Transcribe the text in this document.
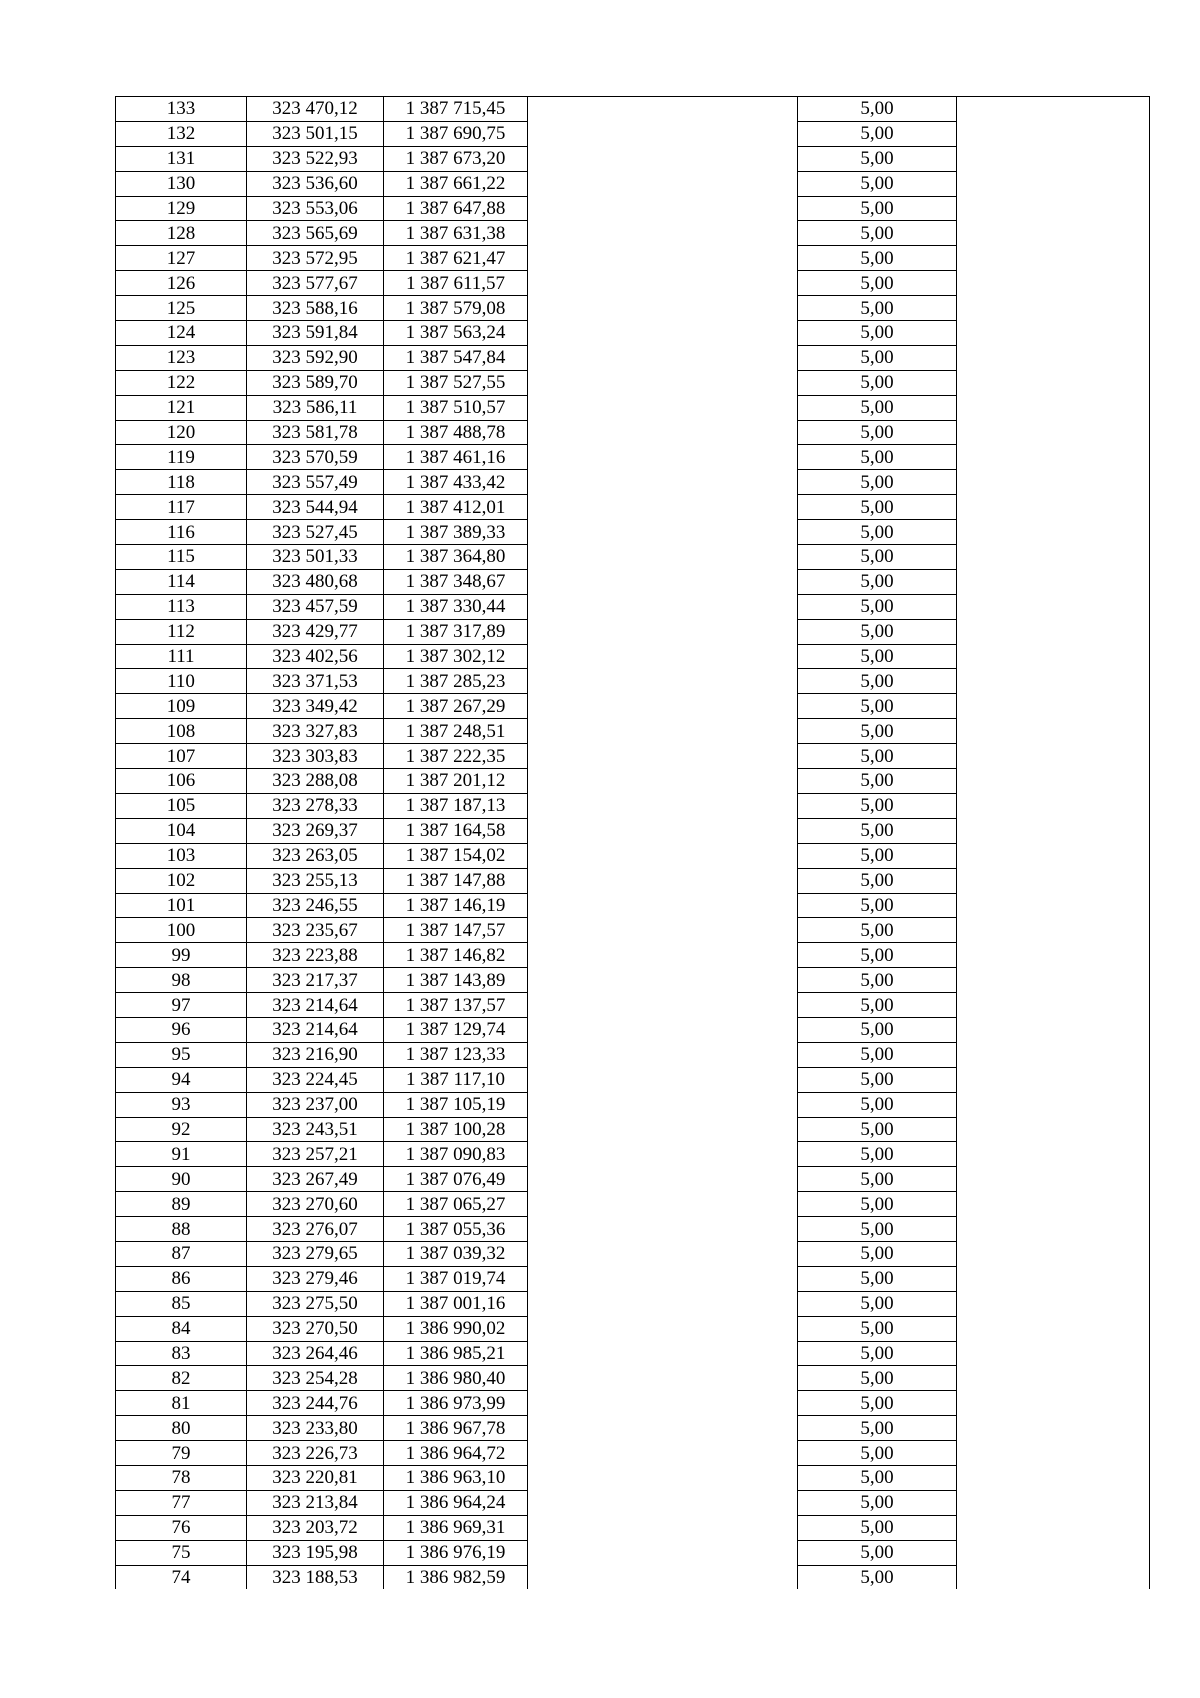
133	323 470,12	1 387 715,45		5,00	
132	323 501,15	1 387 690,75		5,00	
131	323 522,93	1 387 673,20		5,00	
130	323 536,60	1 387 661,22		5,00	
129	323 553,06	1 387 647,88		5,00	
128	323 565,69	1 387 631,38		5,00	
127	323 572,95	1 387 621,47		5,00	
126	323 577,67	1 387 611,57		5,00	
125	323 588,16	1 387 579,08		5,00	
124	323 591,84	1 387 563,24		5,00	
123	323 592,90	1 387 547,84		5,00	
122	323 589,70	1 387 527,55		5,00	
121	323 586,11	1 387 510,57		5,00	
120	323 581,78	1 387 488,78		5,00	
119	323 570,59	1 387 461,16		5,00	
118	323 557,49	1 387 433,42		5,00	
117	323 544,94	1 387 412,01		5,00	
116	323 527,45	1 387 389,33		5,00	
115	323 501,33	1 387 364,80		5,00	
114	323 480,68	1 387 348,67		5,00	
113	323 457,59	1 387 330,44		5,00	
112	323 429,77	1 387 317,89		5,00	
111	323 402,56	1 387 302,12		5,00	
110	323 371,53	1 387 285,23		5,00	
109	323 349,42	1 387 267,29		5,00	
108	323 327,83	1 387 248,51		5,00	
107	323 303,83	1 387 222,35		5,00	
106	323 288,08	1 387 201,12		5,00	
105	323 278,33	1 387 187,13		5,00	
104	323 269,37	1 387 164,58		5,00	
103	323 263,05	1 387 154,02		5,00	
102	323 255,13	1 387 147,88		5,00	
101	323 246,55	1 387 146,19		5,00	
100	323 235,67	1 387 147,57		5,00	
99	323 223,88	1 387 146,82		5,00	
98	323 217,37	1 387 143,89		5,00	
97	323 214,64	1 387 137,57		5,00	
96	323 214,64	1 387 129,74		5,00	
95	323 216,90	1 387 123,33		5,00	
94	323 224,45	1 387 117,10		5,00	
93	323 237,00	1 387 105,19		5,00	
92	323 243,51	1 387 100,28		5,00	
91	323 257,21	1 387 090,83		5,00	
90	323 267,49	1 387 076,49		5,00	
89	323 270,60	1 387 065,27		5,00	
88	323 276,07	1 387 055,36		5,00	
87	323 279,65	1 387 039,32		5,00	
86	323 279,46	1 387 019,74		5,00	
85	323 275,50	1 387 001,16		5,00	
84	323 270,50	1 386 990,02		5,00	
83	323 264,46	1 386 985,21		5,00	
82	323 254,28	1 386 980,40		5,00	
81	323 244,76	1 386 973,99		5,00	
80	323 233,80	1 386 967,78		5,00	
79	323 226,73	1 386 964,72		5,00	
78	323 220,81	1 386 963,10		5,00	
77	323 213,84	1 386 964,24		5,00	
76	323 203,72	1 386 969,31		5,00	
75	323 195,98	1 386 976,19		5,00	
74	323 188,53	1 386 982,59		5,00	
